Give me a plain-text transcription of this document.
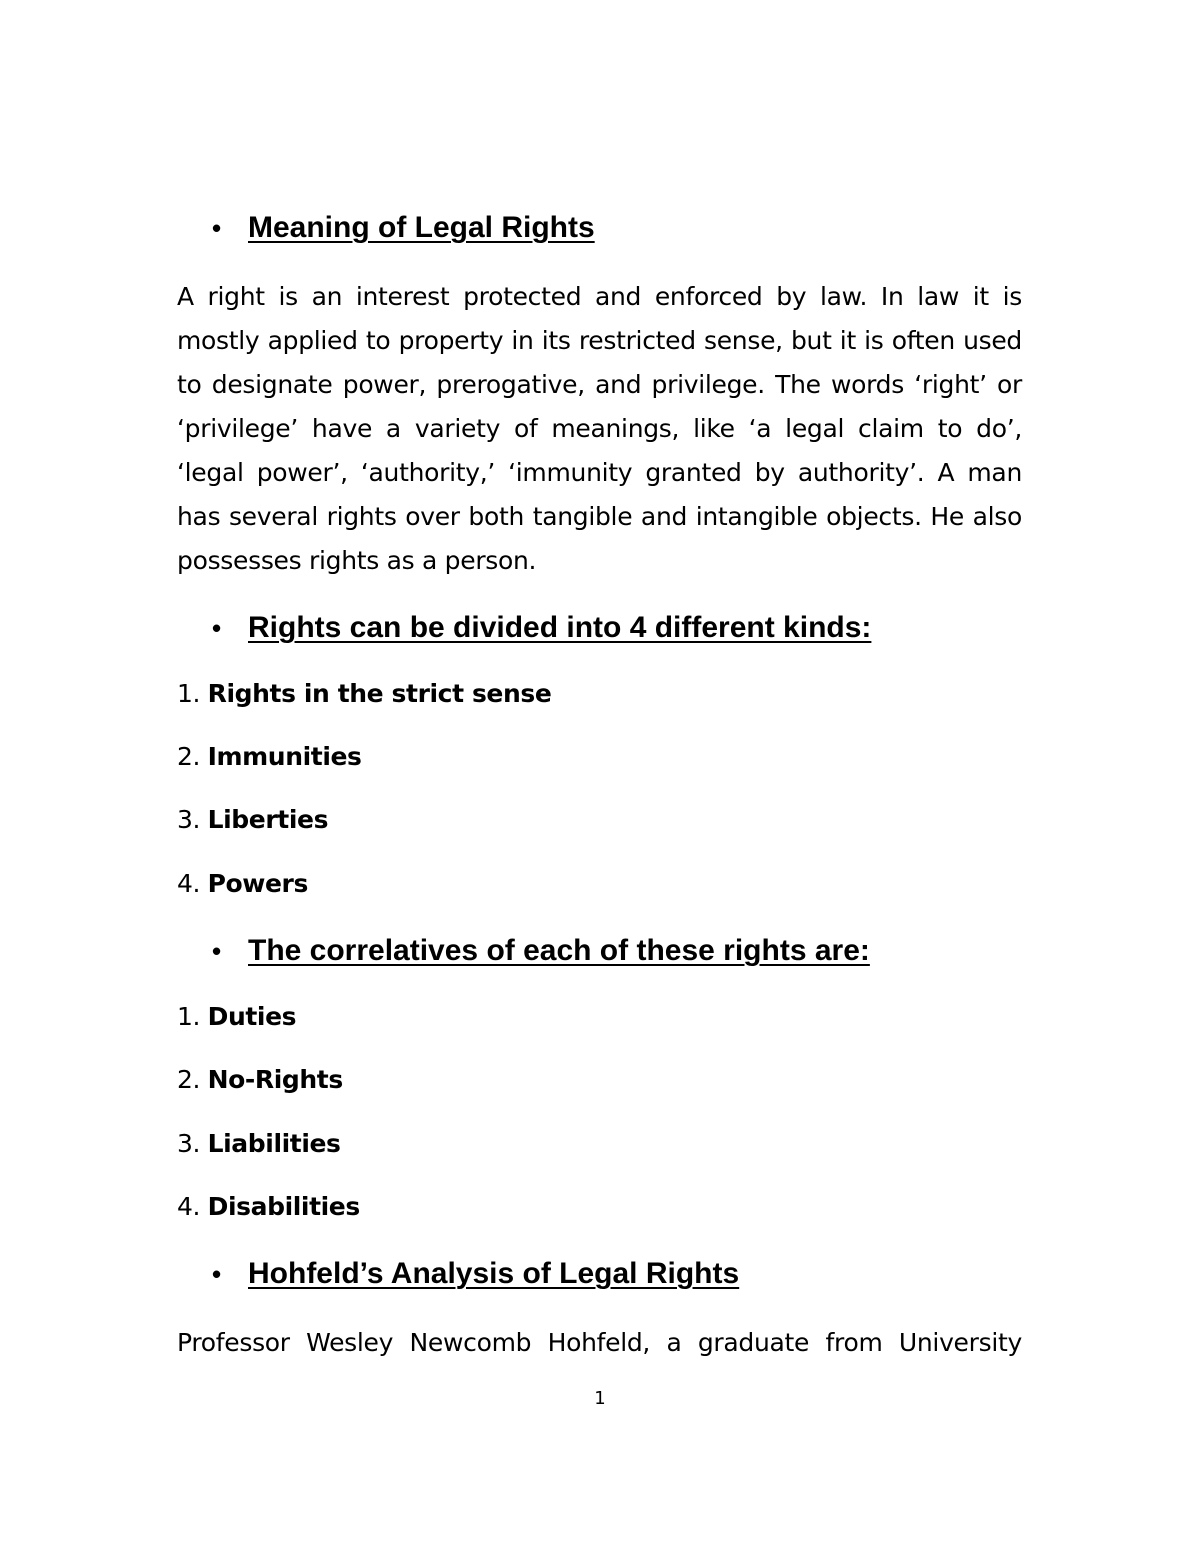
• Meaning of Legal Rights
A right is an interest protected and enforced by law. In law it is mostly applied to property in its restricted sense, but it is often used to designate power, prerogative, and privilege. The words ‘right’ or ‘privilege’ have a variety of meanings, like ‘a legal claim to do’, ‘legal power’, ‘authority,’ ‘immunity granted by authority’. A man has several rights over both tangible and intangible objects. He also possesses rights as a person.
• Rights can be divided into 4 different kinds:
1. Rights in the strict sense
2. Immunities
3. Liberties
4. Powers
• The correlatives of each of these rights are:
1. Duties
2. No-Rights
3. Liabilities
4. Disabilities
• Hohfeld’s Analysis of Legal Rights
Professor Wesley Newcomb Hohfeld, a graduate from University
1
